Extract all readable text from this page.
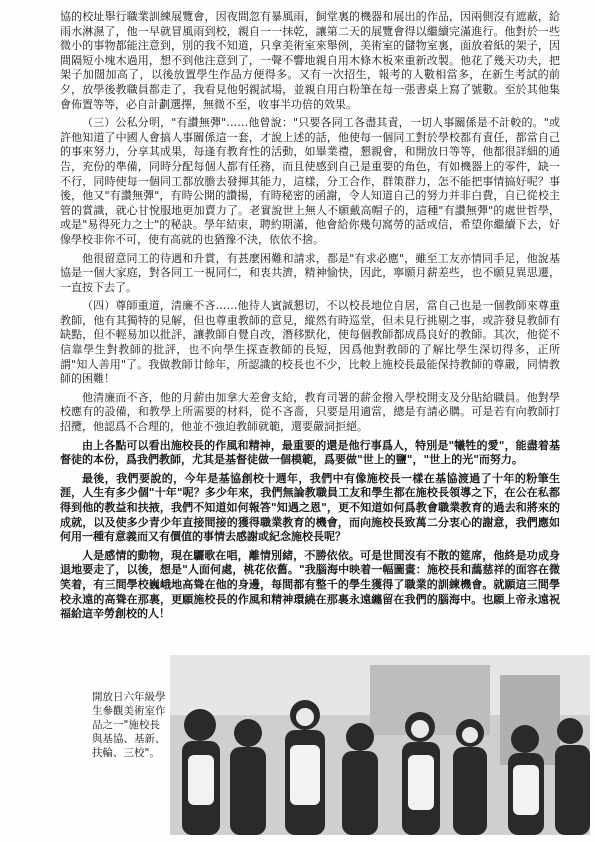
協的校址舉行職業訓練展覽會，因夜間忽有暴風雨，飼堂裏的機器和展出的作品，因兩側沒有遮蔽，給雨水淋濕了，他一早就冒風雨到校，親自一一抹乾，讓第二天的展覽會得以繼續完滿進行。他對於一些微小的事物都能注意到，別的我不知道，只拿美術室來舉例，美術室的儲物室裏，面放着紙的架子，因間隔短小塊木過用，想不到他注意到了，一聲不響地親自用木條木板來重新改製。他花了幾天功夫，把架子加闊加高了，以後放置學生作品方便得多。又有一次招生，報考的人數相當多，在新生考試的前夕，放學後教職員都走了，我看見他躬親試場，並親自用白粉筆在每一張書桌上寫了號數。至於其他集會佈置等等，必自計劃選擇，無微不至，收事半功倍的效果。

（三）公私分明，"有讚無彈"……他曾說："只要各同工各盡其責，一切人事關係是不計較的。"或許他知道了中國人會搞人事關係這一套，才說上述的話，他使每一個同工對於學校都有責任，都當自己的事來努力，分享其成果，每逢有教育性的活動，如畢業禮，懇親會，和開放日等等，他都很詳細的通告，充份的準備，同時分配每個人都有任務，而且使感到自己是重要的角色，有如機器上的零件，缺一不行，同時使每一個同工都放膽去發揮其能力，這樣，分工合作，群策群力，怎不能把事情搞好呢？事後，他又"有讚無彈"，有時公開的讚揚，有時秘密的函謝，令人知道自己的努力并非白費，自已從校主管的賞識，就心甘悅服地更加賣力了。老實說世上無人不願戴高帽子的，這種"有讚無彈"的處世哲學，或是"易得死力之士"的秘訣。學年結束，聘約期滿，他會給你幾句窩勞的話或信，希望你繼續下去，好像學校非你不可，使有高就的也猶豫不決，依依不捨。

他很留意同工的待遇和升賞，有甚麼困難和請求，都是"有求必應"，雖至工友亦情同手足，他說基協是一個大家庭，對各同工一視同仁，和衷共濟，精神愉快，因此，寧願月薪差些，也不願見異思遷，一直按下去了。

（四）尊師重道，清廉不吝……他待人賓誠懇切，不以校長地位自居，當自己也是一個教師來尊重教師，他有其獨特的見解，但也尊重教師的意見，縱然有時巡堂，但未見行挑剔之事，或許發見教師有缺點，但不輕易加以批評，讓教師自覺自改，潛移默化，使每個教師都成爲良好的教師。其次，他從不信靠學生對教師的批評，也不向學生探查教師的長短，因爲他對教師的了解比學生深切得多，正所謂"知人善用"了。我做教師廿餘年，所認識的校長也不少，比較上施校長最能保持教師的尊嚴，同情教師的困難！

他清廉而不吝，他的月薪由加拿大差會支給，教育司署的薪金撥入學校開支及分貼給職員。他對學校應有的設備，和教學上所需要的材料，從不吝嗇，只要是用適當，總是有請必購。可是若有向教師打招攬，他認爲不合理的，他並不強迫教師就範，還要嚴詞拒絕。

由上各點可以看出施校長的作風和精神，最重要的還是他行事爲人，特別是"犧牲的愛"，能盡着基督徒的本份，爲我們教師，尤其是基督徒做一個模範，爲要做"世上的鹽"，"世上的光"而努力。

最後，我們要說的，今年是基協創校十週年，我們中有像施校長一樣在基協渡過了十年的粉筆生涯，人生有多少個"十年"呢？多少年來，我們無論教職員工友和學生都在施校長領導之下，在公在私都得到他的教益和扶掖，我們不知道如何報答"知遇之恩"，更不知道如何爲教會職業教育的過去和將來的成就，以及使多少青少年直接間接的獲得職業教育的機會，而向施校長致萬二分衷心的謝意，我們應如何用一種有意義而又有價值的事情去感謝或紀念施校長呢？

人是感情的動物，現在驪歌在唱，離情別緒，不勝依依。可是世間沒有不散的筵席，他終是功成身退地要走了，以後，想是"人面何處，桃花依舊。"我腦海中映着一幅圖畫：施校長和藹慈祥的面容在微笑着，有三間學校巍峨地高聳在他的身邊，每間都有整千的學生獲得了職業的訓練機會。就願這三間學校永遠的高聳在那裏，更願施校長的作風和精神環繞在那裏永遠纏留在我們的腦海中。也願上帝永遠祝福給這辛勞創校的人！

開放日六年級學生參觀美術室作品之一"施校長與基協、基新、扶輪、三校"。
